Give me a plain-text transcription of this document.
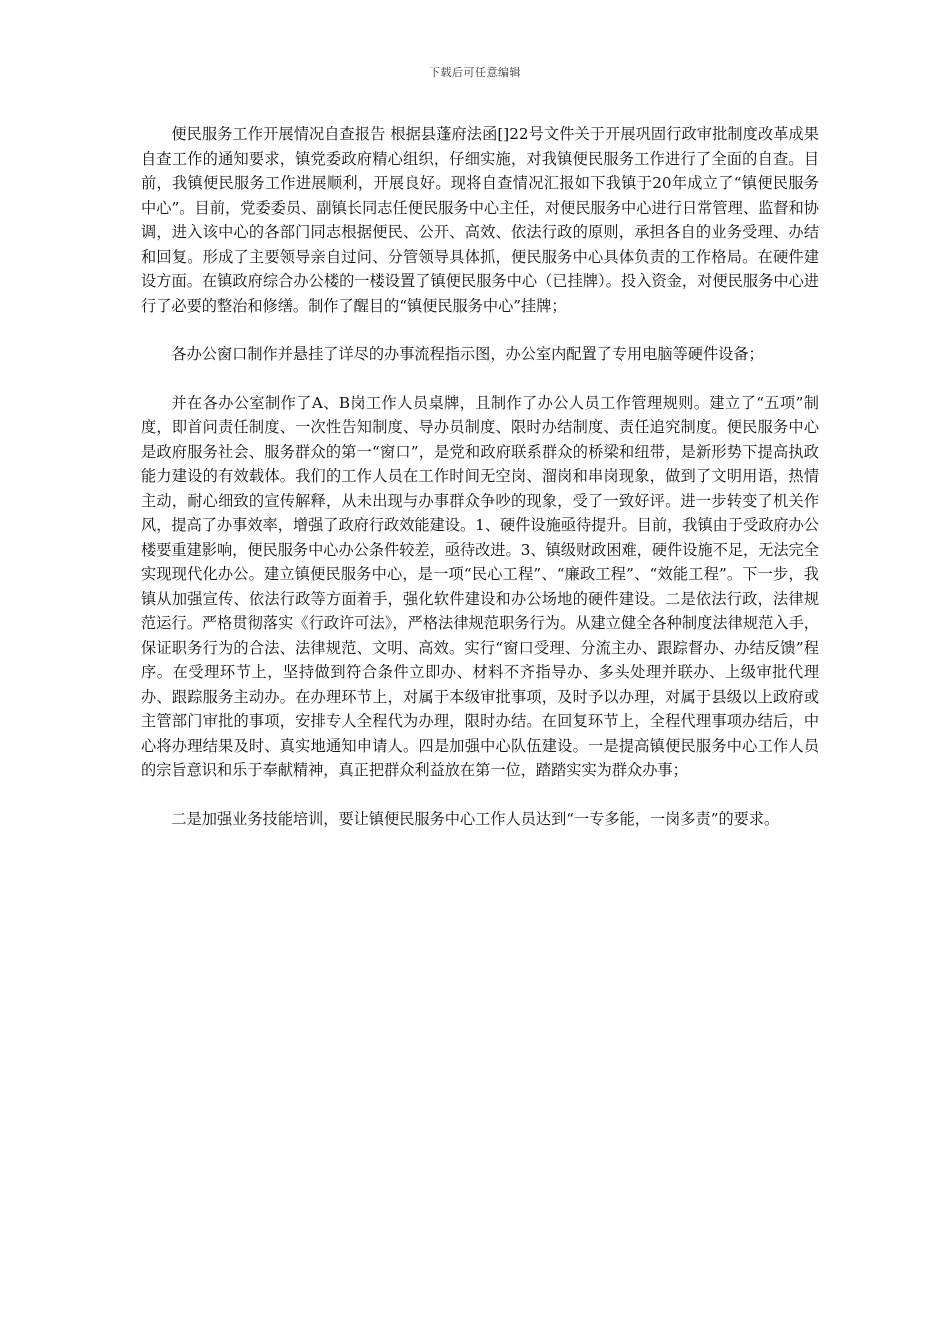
下载后可任意编辑

便民服务工作开展情况自查报告 根据县蓬府法函[]22号文件关于开展巩固行政审批制度改革成果自查工作的通知要求，镇党委政府精心组织，仔细实施，对我镇便民服务工作进行了全面的自查。目前，我镇便民服务工作进展顺利，开展良好。现将自查情况汇报如下我镇于20年成立了“镇便民服务中心”。目前，党委委员、副镇长同志任便民服务中心主任，对便民服务中心进行日常管理、监督和协调，进入该中心的各部门同志根据便民、公开、高效、依法行政的原则，承担各自的业务受理、办结和回复。形成了主要领导亲自过问、分管领导具体抓，便民服务中心具体负责的工作格局。在硬件建设方面。在镇政府综合办公楼的一楼设置了镇便民服务中心（已挂牌）。投入资金，对便民服务中心进行了必要的整治和修缮。制作了醒目的“镇便民服务中心”挂牌；

各办公窗口制作并悬挂了详尽的办事流程指示图，办公室内配置了专用电脑等硬件设备；

并在各办公室制作了A、B岗工作人员桌牌，且制作了办公人员工作管理规则。建立了“五项”制度，即首问责任制度、一次性告知制度、导办员制度、限时办结制度、责任追究制度。便民服务中心是政府服务社会、服务群众的第一“窗口”，是党和政府联系群众的桥梁和纽带，是新形势下提高执政能力建设的有效载体。我们的工作人员在工作时间无空岗、溜岗和串岗现象，做到了文明用语，热情主动，耐心细致的宣传解释，从未出现与办事群众争吵的现象，受了一致好评。进一步转变了机关作风，提高了办事效率，增强了政府行政效能建设。1、硬件设施亟待提升。目前，我镇由于受政府办公楼要重建影响，便民服务中心办公条件较差，亟待改进。3、镇级财政困难，硬件设施不足，无法完全实现现代化办公。建立镇便民服务中心，是一项“民心工程”、“廉政工程”、“效能工程”。下一步，我镇从加强宣传、依法行政等方面着手，强化软件建设和办公场地的硬件建设。二是依法行政，法律规范运行。严格贯彻落实《行政许可法》，严格法律规范职务行为。从建立健全各种制度法律规范入手，保证职务行为的合法、法律规范、文明、高效。实行“窗口受理、分流主办、跟踪督办、办结反馈”程序。在受理环节上，坚持做到符合条件立即办、材料不齐指导办、多头处理并联办、上级审批代理办、跟踪服务主动办。在办理环节上，对属于本级审批事项，及时予以办理，对属于县级以上政府或主管部门审批的事项，安排专人全程代为办理，限时办结。在回复环节上，全程代理事项办结后，中心将办理结果及时、真实地通知申请人。四是加强中心队伍建设。一是提高镇便民服务中心工作人员的宗旨意识和乐于奉献精神，真正把群众利益放在第一位，踏踏实实为群众办事；

二是加强业务技能培训，要让镇便民服务中心工作人员达到“一专多能，一岗多责”的要求。
